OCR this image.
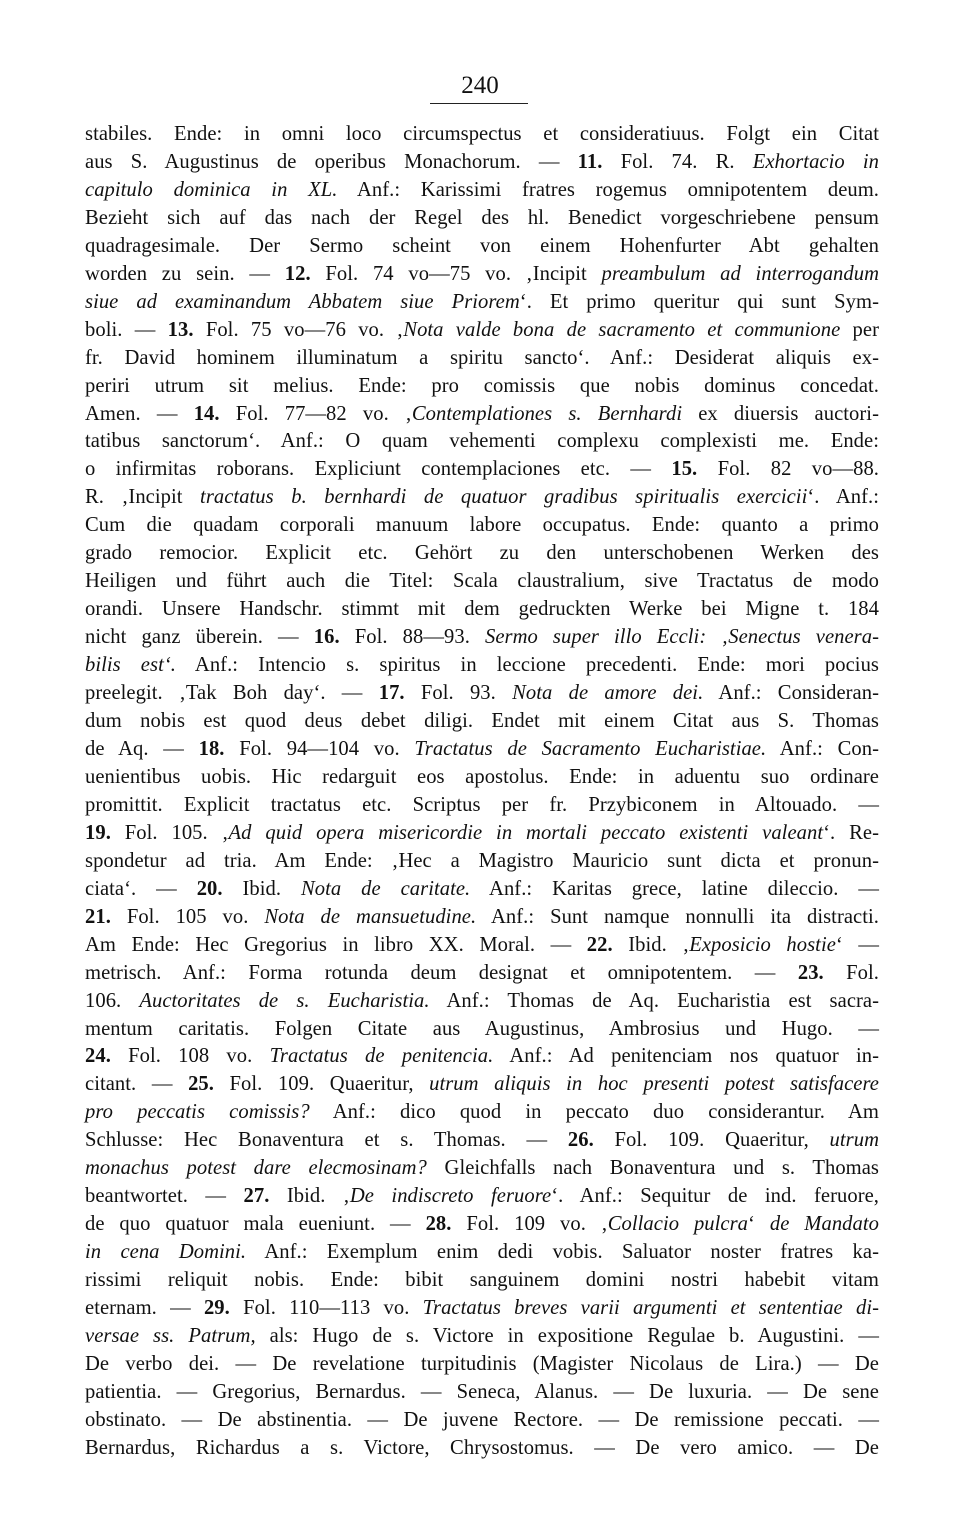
240
stabiles. Ende: in omni loco circumspectus et consideratiuus. Folgt ein Citat
aus S. Augustinus de operibus Monachorum. — 11. Fol. 74. R. Exhortacio in
capitulo dominica in XL. Anf.: Karissimi fratres rogemus omnipotentem deum.
Bezieht sich auf das nach der Regel des hl. Benedict vorgeschriebene pensum
quadragesimale. Der Sermo scheint von einem Hohenfurter Abt gehalten
worden zu sein. — 12. Fol. 74 vo—75 vo. ‚Incipit preambulum ad interrogandum
siue ad examinandum Abbatem siue Priorem‘. Et primo queritur qui sunt Sym-
boli. — 13. Fol. 75 vo—76 vo. ‚Nota valde bona de sacramento et communione per
fr. David hominem illuminatum a spiritu sancto‘. Anf.: Desiderat aliquis ex-
periri utrum sit melius. Ende: pro comissis que nobis dominus concedat.
Amen. — 14. Fol. 77—82 vo. ‚Contemplationes s. Bernhardi ex diuersis auctori-
tatibus sanctorum‘. Anf.: O quam vehementi complexu complexisti me. Ende:
o infirmitas roborans. Expliciunt contemplaciones etc. — 15. Fol. 82 vo—88.
R. ‚Incipit tractatus b. bernhardi de quatuor gradibus spiritualis exercicii‘. Anf.:
Cum die quadam corporali manuum labore occupatus. Ende: quanto a primo
grado remocior. Explicit etc. Gehört zu den unterschobenen Werken des
Heiligen und führt auch die Titel: Scala claustralium, sive Tractatus de modo
orandi. Unsere Handschr. stimmt mit dem gedruckten Werke bei Migne t. 184
nicht ganz überein. — 16. Fol. 88—93. Sermo super illo Eccli: ‚Senectus venera-
bilis est‘. Anf.: Intencio s. spiritus in leccione precedenti. Ende: mori pocius
preelegit. ‚Tak Boh day‘. — 17. Fol. 93. Nota de amore dei. Anf.: Consideran-
dum nobis est quod deus debet diligi. Endet mit einem Citat aus S. Thomas
de Aq. — 18. Fol. 94—104 vo. Tractatus de Sacramento Eucharistiae. Anf.: Con-
uenientibus uobis. Hic redarguit eos apostolus. Ende: in aduentu suo ordinare
promittit. Explicit tractatus etc. Scriptus per fr. Przybiconem in Altouado. —
19. Fol. 105. ‚Ad quid opera misericordie in mortali peccato existenti valeant‘. Re-
spondetur ad tria. Am Ende: ‚Hec a Magistro Mauricio sunt dicta et pronun-
ciata‘. — 20. Ibid. Nota de caritate. Anf.: Karitas grece, latine dileccio. —
21. Fol. 105 vo. Nota de mansuetudine. Anf.: Sunt namque nonnulli ita distracti.
Am Ende: Hec Gregorius in libro XX. Moral. — 22. Ibid. ‚Exposicio hostie‘ —
metrisch. Anf.: Forma rotunda deum designat et omnipotentem. — 23. Fol.
106. Auctoritates de s. Eucharistia. Anf.: Thomas de Aq. Eucharistia est sacra-
mentum caritatis. Folgen Citate aus Augustinus, Ambrosius und Hugo. —
24. Fol. 108 vo. Tractatus de penitencia. Anf.: Ad penitenciam nos quatuor in-
citant. — 25. Fol. 109. Quaeritur, utrum aliquis in hoc presenti potest satisfacere
pro peccatis comissis? Anf.: dico quod in peccato duo considerantur. Am
Schlusse: Hec Bonaventura et s. Thomas. — 26. Fol. 109. Quaeritur, utrum
monachus potest dare elecmosinam? Gleichfalls nach Bonaventura und s. Thomas
beantwortet. — 27. Ibid. ‚De indiscreto feruore‘. Anf.: Sequitur de ind. feruore,
de quo quatuor mala eueniunt. — 28. Fol. 109 vo. ‚Collacio pulcra‘ de Mandato
in cena Domini. Anf.: Exemplum enim dedi vobis. Saluator noster fratres ka-
rissimi reliquit nobis. Ende: bibit sanguinem domini nostri habebit vitam
eternam. — 29. Fol. 110—113 vo. Tractatus breves varii argumenti et sententiae di-
versae ss. Patrum, als: Hugo de s. Victore in expositione Regulae b. Augustini. —
De verbo dei. — De revelatione turpitudinis (Magister Nicolaus de Lira.) — De
patientia. — Gregorius, Bernardus. — Seneca, Alanus. — De luxuria. — De sene
obstinato. — De abstinentia. — De juvene Rectore. — De remissione peccati. —
Bernardus, Richardus a s. Victore, Chrysostomus. — De vero amico. — De
